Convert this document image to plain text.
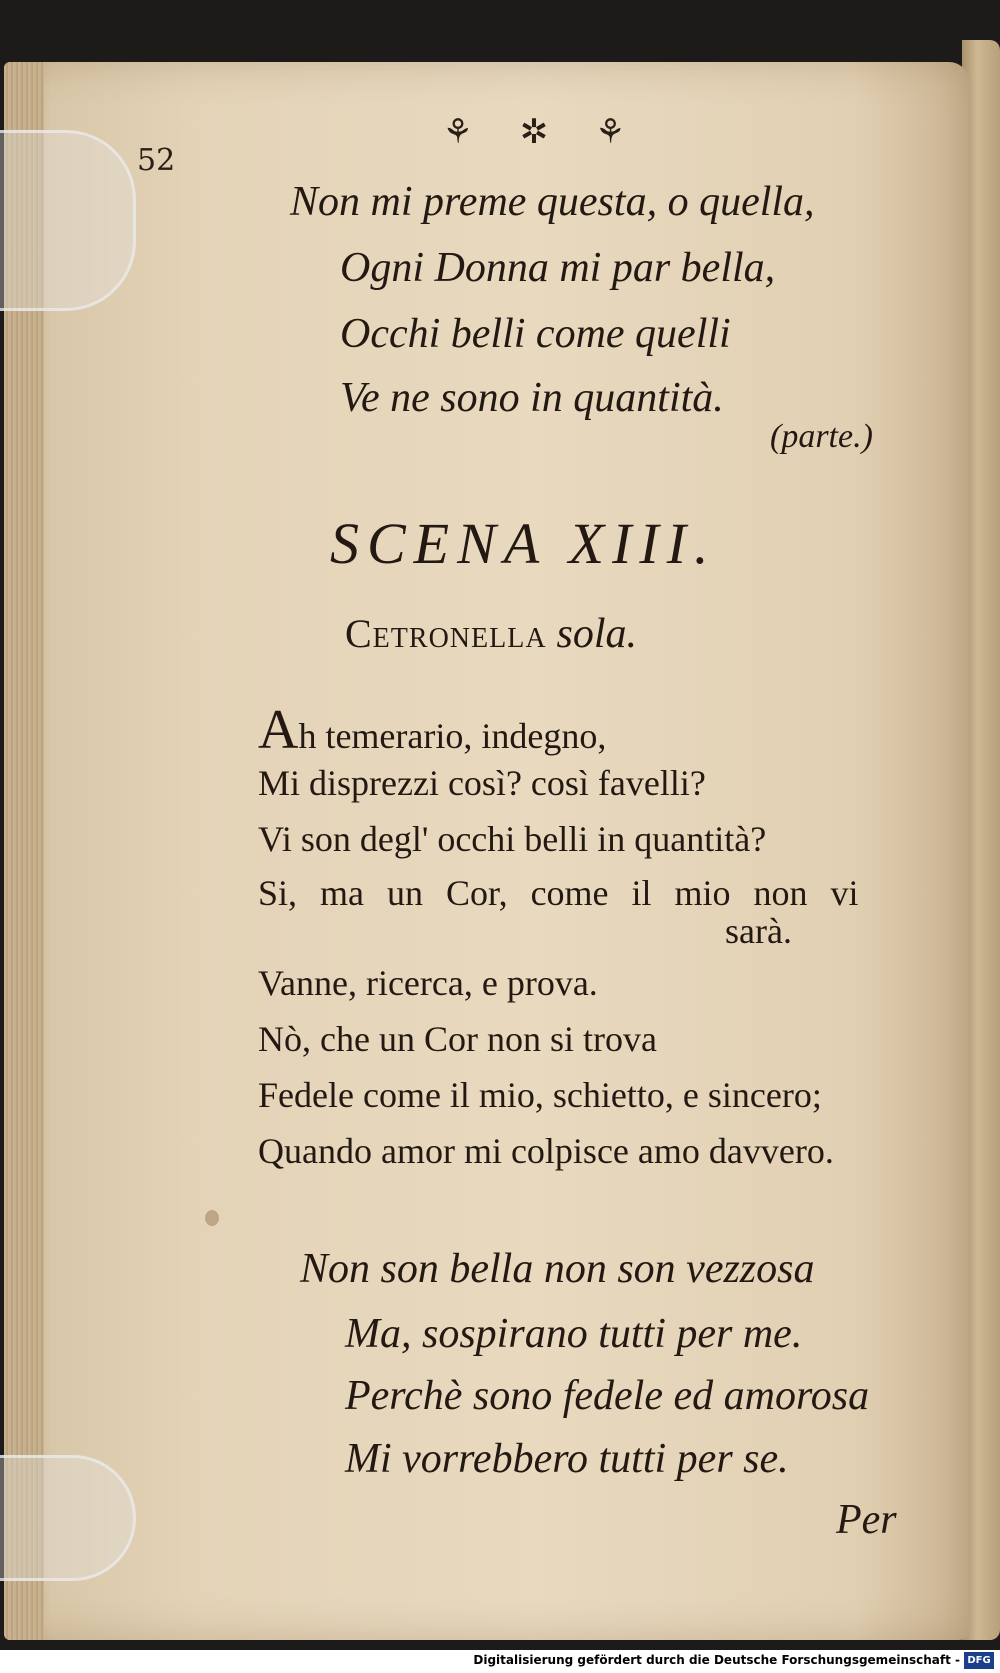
⚘ ✲ ⚘
52
Non mi preme questa, o quella,
Ogni Donna mi par bella,
Occhi belli come quelli
Ve ne sono in quantità.
(parte.)
SCENA XIII.
Cetronella sola.
Ah temerario, indegno,
Mi disprezzi così? così favelli?
Vi son degl' occhi belli in quantità?
Si, ma un Cor, come il mio non vi
sarà.
Vanne, ricerca, e prova.
Nò, che un Cor non si trova
Fedele come il mio, schietto, e sincero;
Quando amor mi colpisce amo davvero.
Non son bella non son vezzosa
Ma, sospirano tutti per me.
Perchè sono fedele ed amorosa
Mi vorrebbero tutti per se.
Per
Digitalisierung gefördert durch die Deutsche Forschungsgemeinschaft - DFG
